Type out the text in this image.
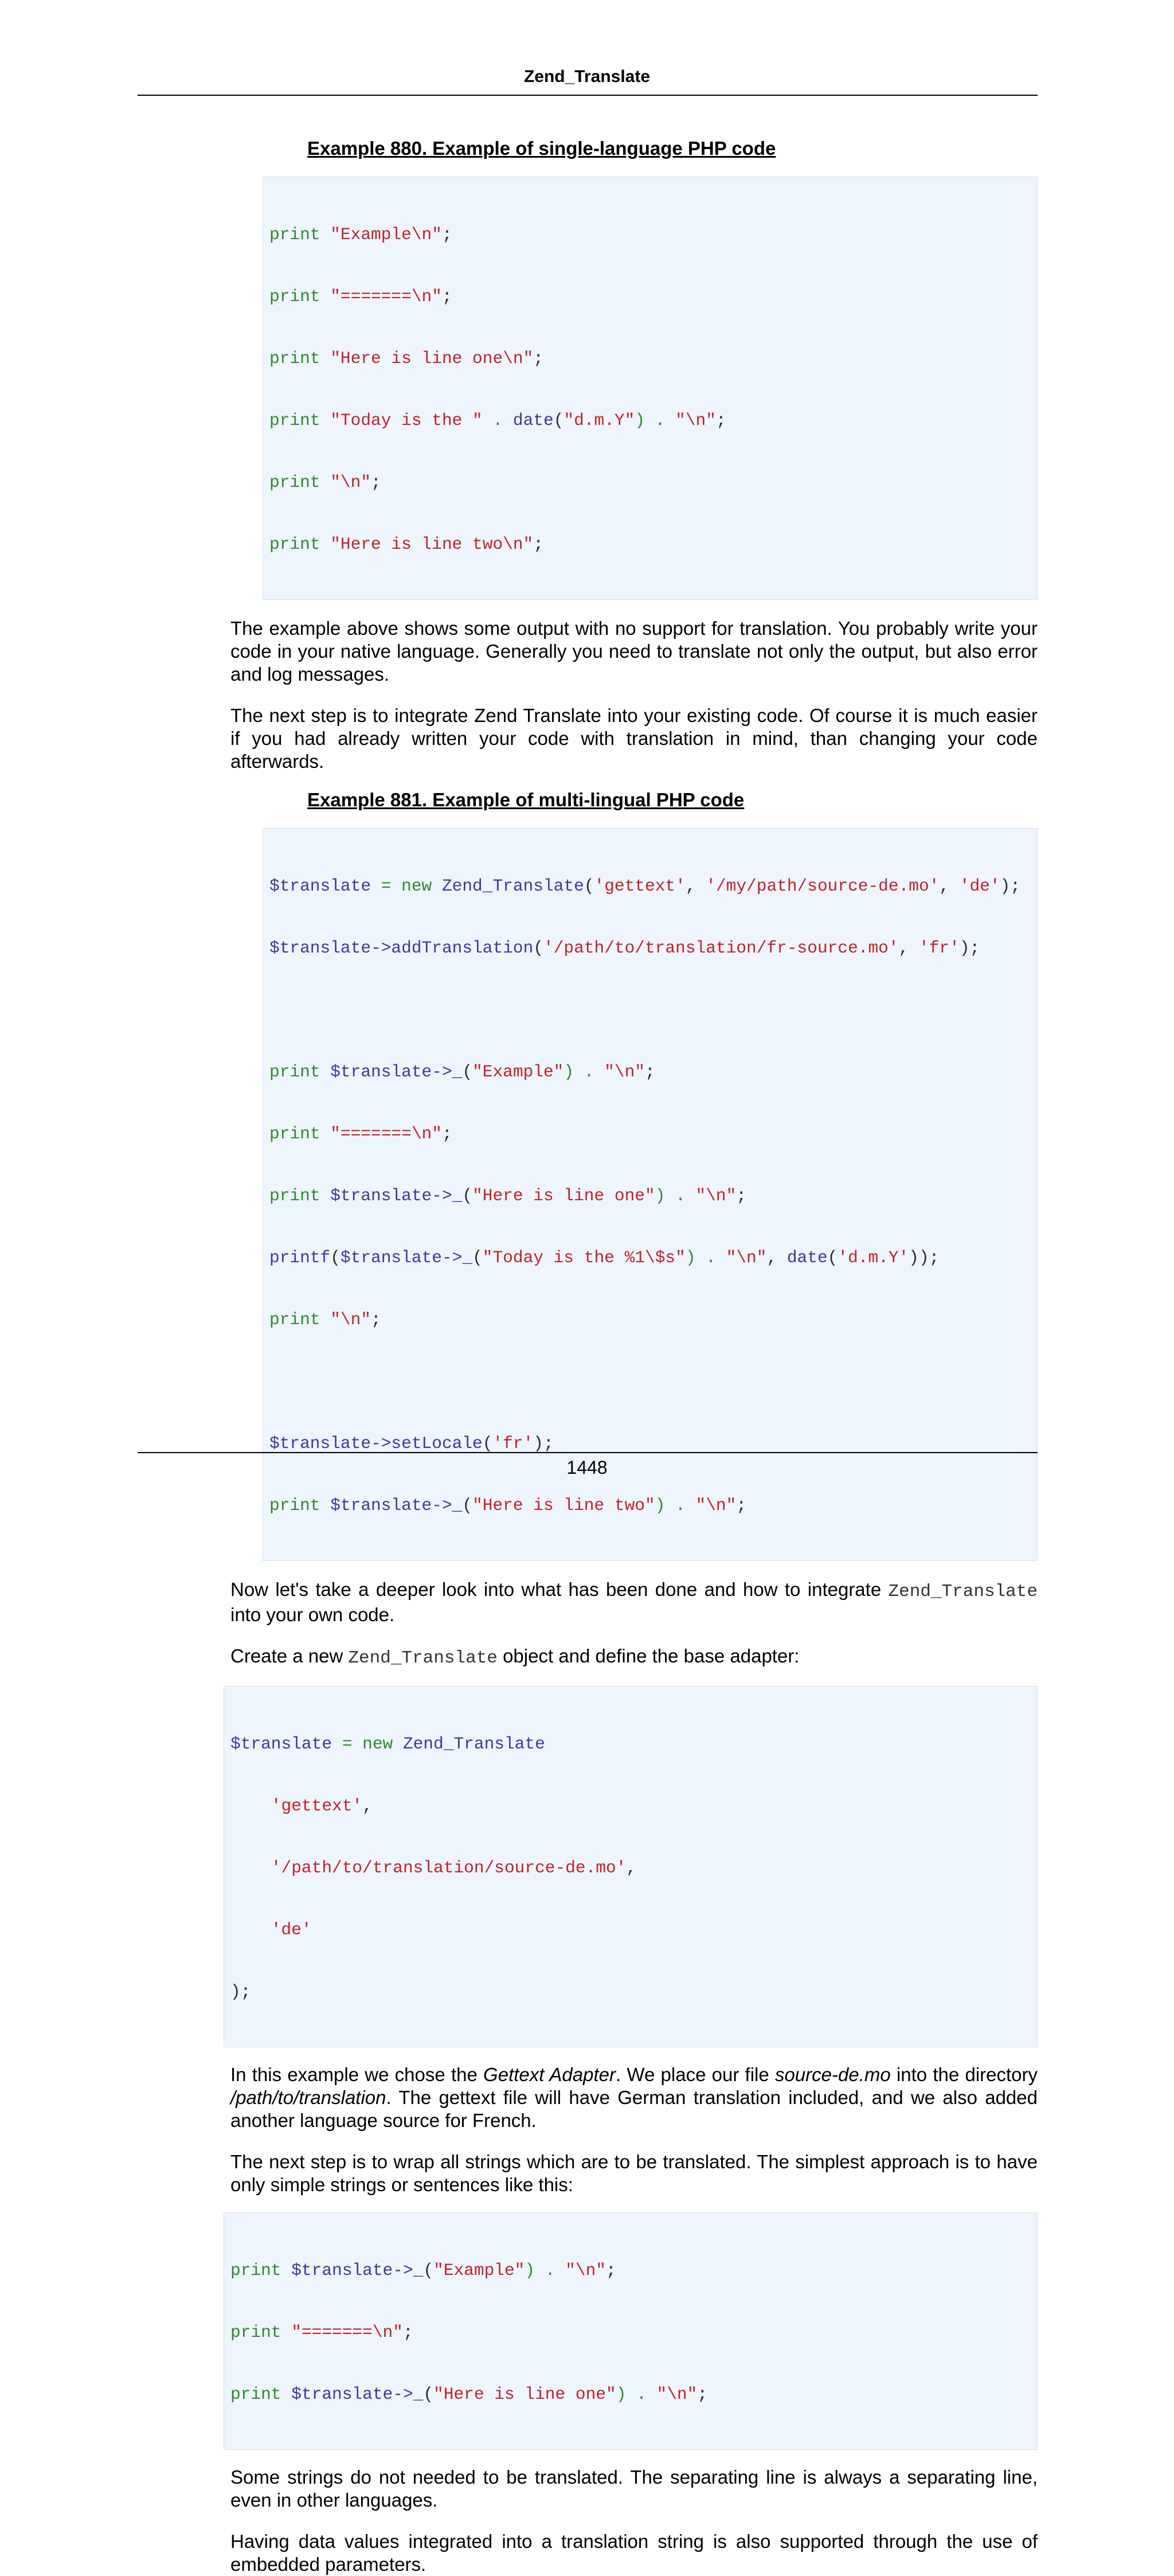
Zend_Translate
Example 880. Example of single-language PHP code

print "Example\n";

print "=======\n";

print "Here is line one\n";

print "Today is the " . date("d.m.Y") . "\n";

print "\n";

print "Here is line two\n";

The example above shows some output with no support for translation. You probably write your code in your native language. Generally you need to translate not only the output, but also error and log messages.

The next step is to integrate Zend Translate into your existing code. Of course it is much easier if you had already written your code with translation in mind, than changing your code afterwards.

Example 881. Example of multi-lingual PHP code

$translate = new Zend_Translate('gettext', '/my/path/source-de.mo', 'de');

$translate->addTranslation('/path/to/translation/fr-source.mo', 'fr');

print $translate->_("Example") . "\n";

print "=======\n";

print $translate->_("Here is line one") . "\n";

printf($translate->_("Today is the %1\$s") . "\n", date('d.m.Y'));

print "\n";

$translate->setLocale('fr');

print $translate->_("Here is line two") . "\n";

Now let's take a deeper look into what has been done and how to integrate Zend_Translate into your own code.

Create a new Zend_Translate object and define the base adapter:

$translate = new Zend_Translate

'gettext',

'/path/to/translation/source-de.mo',

'de'

);

In this example we chose the Gettext Adapter. We place our file source-de.mo into the directory /path/to/translation. The gettext file will have German translation included, and we also added another language source for French.

The next step is to wrap all strings which are to be translated. The simplest approach is to have only simple strings or sentences like this:

print $translate->_("Example") . "\n";

print "=======\n";

print $translate->_("Here is line one") . "\n";

Some strings do not needed to be translated. The separating line is always a separating line, even in other languages.

Having data values integrated into a translation string is also supported through the use of embedded parameters.

1448
